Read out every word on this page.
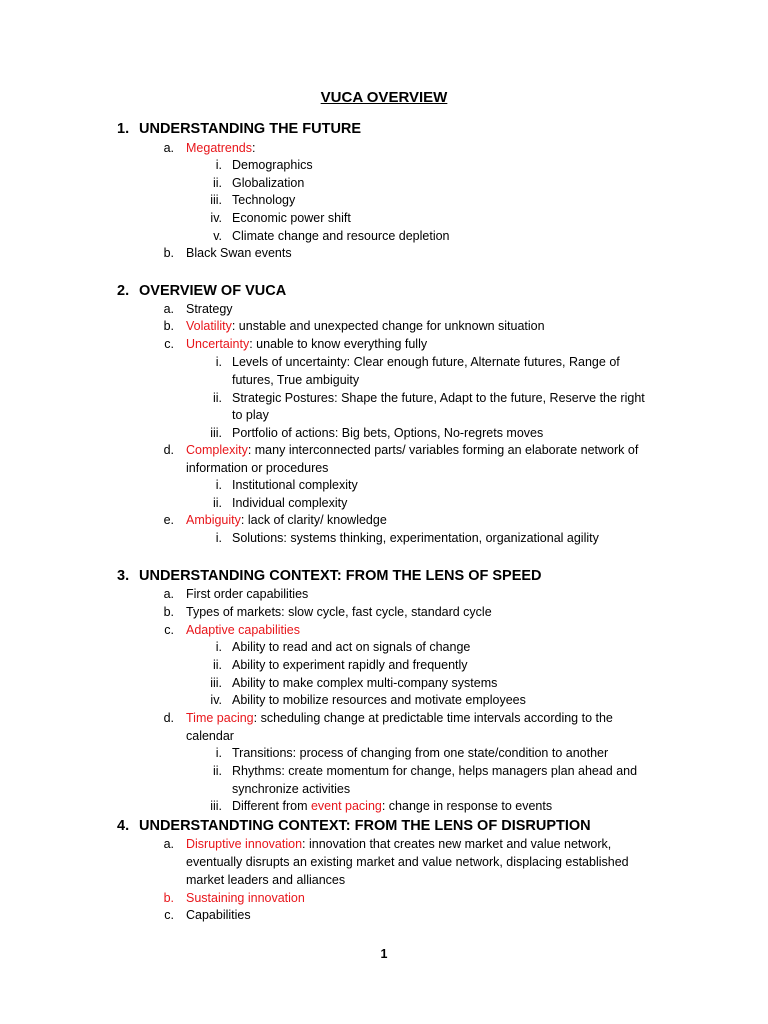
VUCA OVERVIEW
1. UNDERSTANDING THE FUTURE
a. Megatrends:
i. Demographics
ii. Globalization
iii. Technology
iv. Economic power shift
v. Climate change and resource depletion
b. Black Swan events
2. OVERVIEW OF VUCA
a. Strategy
b. Volatility: unstable and unexpected change for unknown situation
c. Uncertainty: unable to know everything fully
i. Levels of uncertainty: Clear enough future, Alternate futures, Range of
futures, True ambiguity
ii. Strategic Postures: Shape the future, Adapt to the future, Reserve the right
to play
iii. Portfolio of actions: Big bets, Options, No-regrets moves
d. Complexity: many interconnected parts/ variables forming an elaborate network of
information or procedures
i. Institutional complexity
ii. Individual complexity
e. Ambiguity: lack of clarity/ knowledge
i. Solutions: systems thinking, experimentation, organizational agility
3. UNDERSTANDING CONTEXT: FROM THE LENS OF SPEED
a. First order capabilities
b. Types of markets: slow cycle, fast cycle, standard cycle
c. Adaptive capabilities
i. Ability to read and act on signals of change
ii. Ability to experiment rapidly and frequently
iii. Ability to make complex multi-company systems
iv. Ability to mobilize resources and motivate employees
d. Time pacing: scheduling change at predictable time intervals according to the
calendar
i. Transitions: process of changing from one state/condition to another
ii. Rhythms: create momentum for change, helps managers plan ahead and
synchronize activities
iii. Different from event pacing: change in response to events
4. UNDERSTANDTING CONTEXT: FROM THE LENS OF DISRUPTION
a. Disruptive innovation: innovation that creates new market and value network,
eventually disrupts an existing market and value network, displacing established
market leaders and alliances
b. Sustaining innovation
c. Capabilities
1
